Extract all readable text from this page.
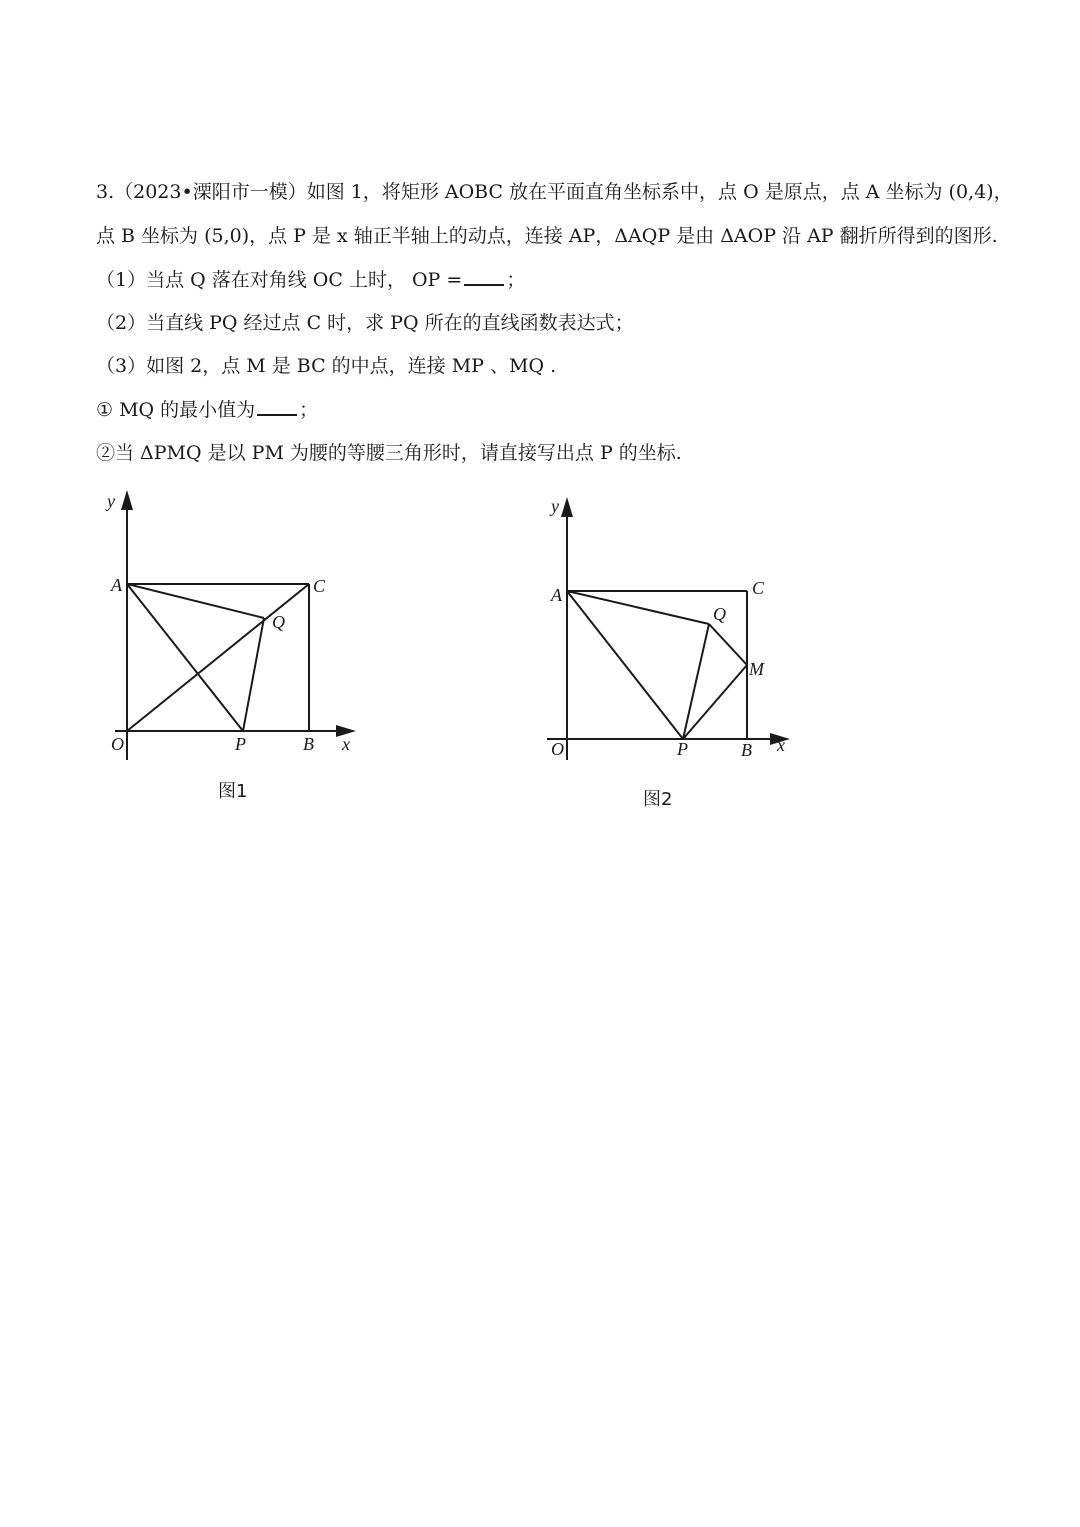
3.（2023•溧阳市一模）如图 1，将矩形 AOBC 放在平面直角坐标系中，点 O 是原点，点 A 坐标为 (0,4)，
点 B 坐标为 (5,0)，点 P 是 x 轴正半轴上的动点，连接 AP，ΔAQP 是由 ΔAOP 沿 AP 翻折所得到的图形.
（1）当点 Q 落在对角线 OC 上时， OP = ；
（2）当直线 PQ 经过点 C 时，求 PQ 所在的直线函数表达式；
（3）如图 2，点 M 是 BC 的中点，连接 MP 、MQ .
① MQ 的最小值为 ；
②当 ΔPMQ 是以 PM 为腰的等腰三角形时，请直接写出点 P 的坐标.
y
A	C
Q
O	P	B x
y
A	C
Q
M
O	P	B x
图1	图2
